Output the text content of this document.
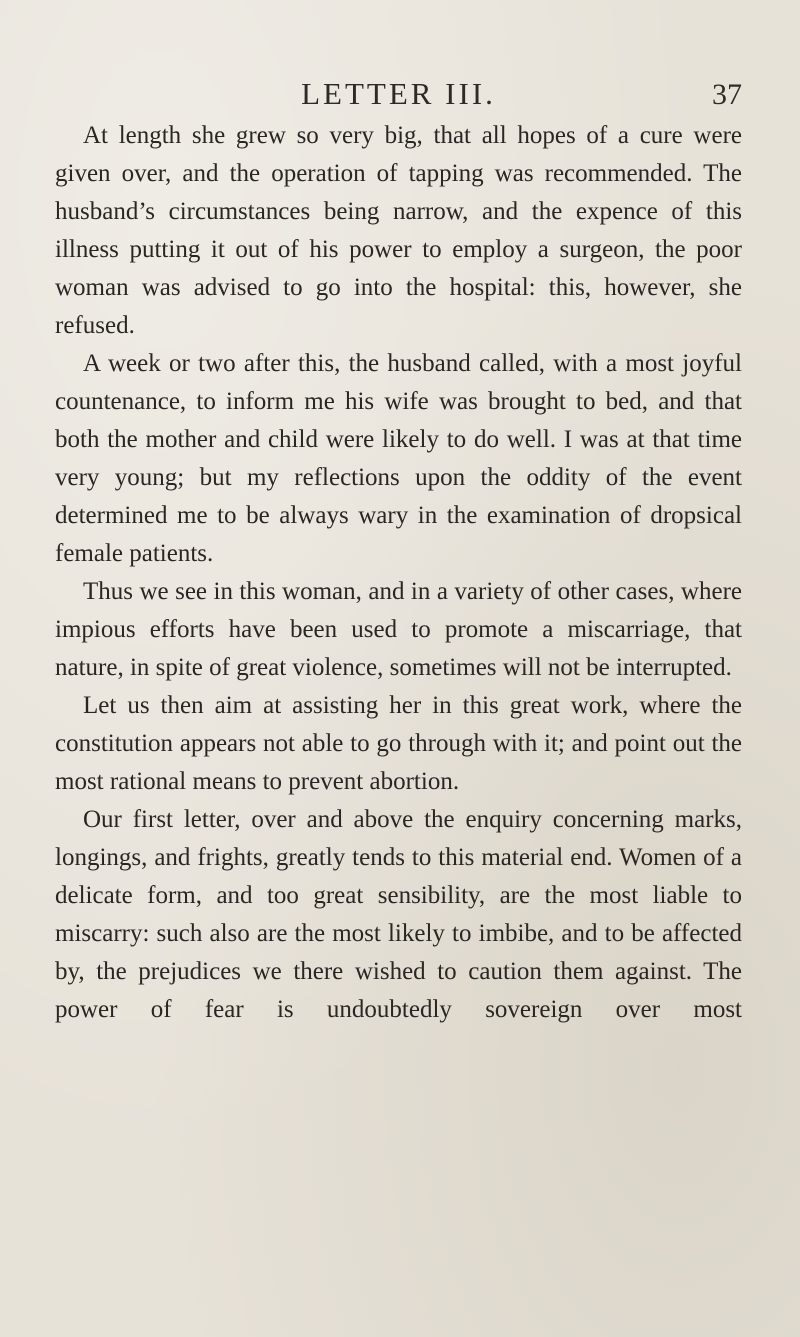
LETTER III.	37

At length she grew so very big, that all hopes of a cure were given over, and the operation of tapping was recommended. The husband’s circumstances being narrow, and the expence of this illness putting it out of his power to employ a surgeon, the poor woman was advised to go into the hospital: this, however, she refused.

A week or two after this, the husband called, with a most joyful countenance, to inform me his wife was brought to bed, and that both the mother and child were likely to do well. I was at that time very young; but my reflections upon the oddity of the event determined me to be always wary in the examination of dropsical female patients.

Thus we see in this woman, and in a variety of other cases, where impious efforts have been used to promote a miscarriage, that nature, in spite of great violence, sometimes will not be interrupted.

Let us then aim at assisting her in this great work, where the constitution appears not able to go through with it; and point out the most rational means to prevent abortion.

Our first letter, over and above the enquiry concerning marks, longings, and frights, greatly tends to this material end. Women of a delicate form, and too great sensibility, are the most liable to miscarry: such also are the most likely to imbibe, and to be affected by, the prejudices we there wished to caution them against. The power of fear is undoubtedly sovereign over most
